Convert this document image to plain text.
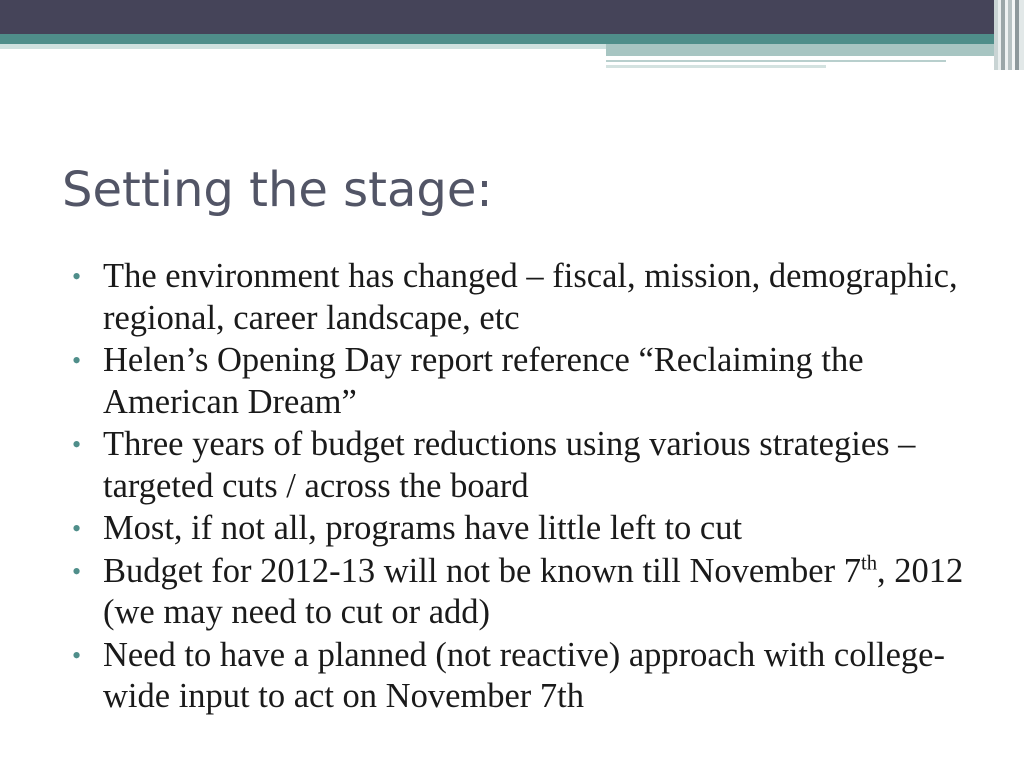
Setting the stage:
• The environment has changed – fiscal, mission, demographic, regional, career landscape, etc
• Helen’s Opening Day report reference “Reclaiming the American Dream”
• Three years of budget reductions using various strategies – targeted cuts / across the board
• Most, if not all, programs have little left to cut
• Budget for 2012-13 will not be known till November 7th, 2012 (we may need to cut or add)
• Need to have a planned (not reactive) approach with college-wide input to act on November 7th
